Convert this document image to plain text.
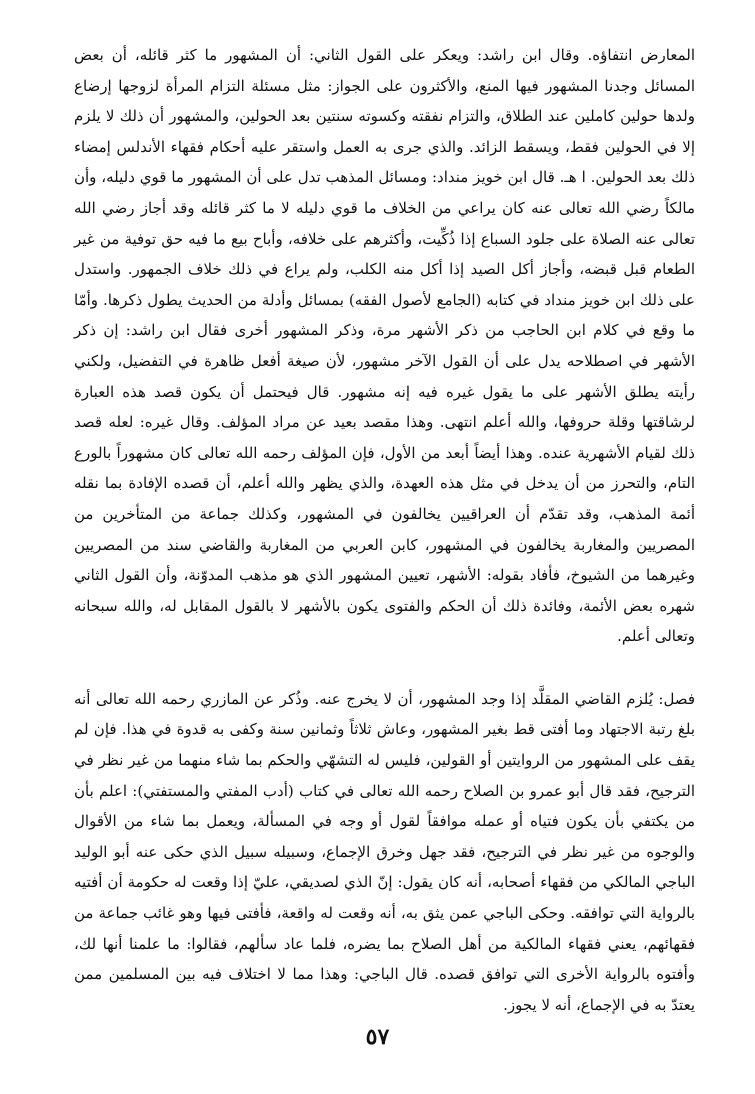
المعارض انتفاؤه. وقال ابن راشد: ويعكر على القول الثاني: أن المشهور ما كثر قائله، أن بعض المسائل وجدنا المشهور فيها المنع، والأكثرون على الجواز: مثل مسئلة التزام المرأة لزوجها إرضاع ولدها حولين كاملين عند الطلاق، والتزام نفقته وكسوته سنتين بعد الحولين، والمشهور أن ذلك لا يلزم إلا في الحولين فقط، ويسقط الزائد. والذي جرى به العمل واستقر عليه أحكام فقهاء الأندلس إمضاء ذلك بعد الحولين. ا هـ. قال ابن خويز منداد: ومسائل المذهب تدل على أن المشهور ما قوي دليله، وأن مالكاً رضي الله تعالى عنه كان يراعي من الخلاف ما قوي دليله لا ما كثر قائله وقد أجاز رضي الله تعالى عنه الصلاة على جلود السباع إذا ذُكِّيت، وأكثرهم على خلافه، وأباح بيع ما فيه حق توفية من غير الطعام قبل قبضه، وأجاز أكل الصيد إذا أكل منه الكلب، ولم يراع في ذلك خلاف الجمهور. واستدل على ذلك ابن خويز منداد في كتابه (الجامع لأصول الفقه) بمسائل وأدلة من الحديث يطول ذكرها. وأمّا ما وقع في كلام ابن الحاجب من ذكر الأشهر مرة، وذكر المشهور أخرى فقال ابن راشد: إن ذكر الأشهر في اصطلاحه يدل على أن القول الآخر مشهور، لأن صيغة أفعل ظاهرة في التفضيل، ولكني رأيته يطلق الأشهر على ما يقول غيره فيه إنه مشهور. قال فيحتمل أن يكون قصد هذه العبارة لرشاقتها وقلة حروفها، والله أعلم انتهى. وهذا مقصد بعيد عن مراد المؤلف. وقال غيره: لعله قصد ذلك لقيام الأشهرية عنده. وهذا أيضاً أبعد من الأول، فإن المؤلف رحمه الله تعالى كان مشهوراً بالورع التام، والتحرز من أن يدخل في مثل هذه العهدة، والذي يظهر والله أعلم، أن قصده الإفادة بما نقله أئمة المذهب، وقد تقدّم أن العراقيين يخالفون في المشهور، وكذلك جماعة من المتأخرين من المصريين والمغاربة يخالفون في المشهور، كابن العربي من المغاربة والقاضي سند من المصريين وغيرهما من الشيوخ، فأفاد بقوله: الأشهر، تعيين المشهور الذي هو مذهب المدوّنة، وأن القول الثاني شهره بعض الأئمة، وفائدة ذلك أن الحكم والفتوى يكون بالأشهر لا بالقول المقابل له، والله سبحانه وتعالى أعلم.

فصل: يُلزم القاضي المقلَّد إذا وجد المشهور، أن لا يخرج عنه. وذُكر عن المازري رحمه الله تعالى أنه بلغ رتبة الاجتهاد وما أفتى قط بغير المشهور، وعاش ثلاثاً وثمانين سنة وكفى به قدوة في هذا. فإن لم يقف على المشهور من الروايتين أو القولين، فليس له التشهّي والحكم بما شاء منهما من غير نظر في الترجيح، فقد قال أبو عمرو بن الصلاح رحمه الله تعالى في كتاب (أدب المفتي والمستفتي): اعلم بأن من يكتفي بأن يكون فتياه أو عمله موافقاً لقول أو وجه في المسألة، ويعمل بما شاء من الأقوال والوجوه من غير نظر في الترجيح، فقد جهل وخرق الإجماع، وسبيله سبيل الذي حكى عنه أبو الوليد الباجي المالكي من فقهاء أصحابه، أنه كان يقول: إنّ الذي لصديقي، عليّ إذا وقعت له حكومة أن أفتيه بالرواية التي توافقه. وحكى الباجي عمن يثق به، أنه وقعت له واقعة، فأفتى فيها وهو غائب جماعة من فقهائهم، يعني فقهاء المالكية من أهل الصلاح بما يضره، فلما عاد سألهم، فقالوا: ما علمنا أنها لك، وأفتوه بالرواية الأخرى التي توافق قصده. قال الباجي: وهذا مما لا اختلاف فيه بين المسلمين ممن يعتدّ به في الإجماع، أنه لا يجوز.

٥٧
